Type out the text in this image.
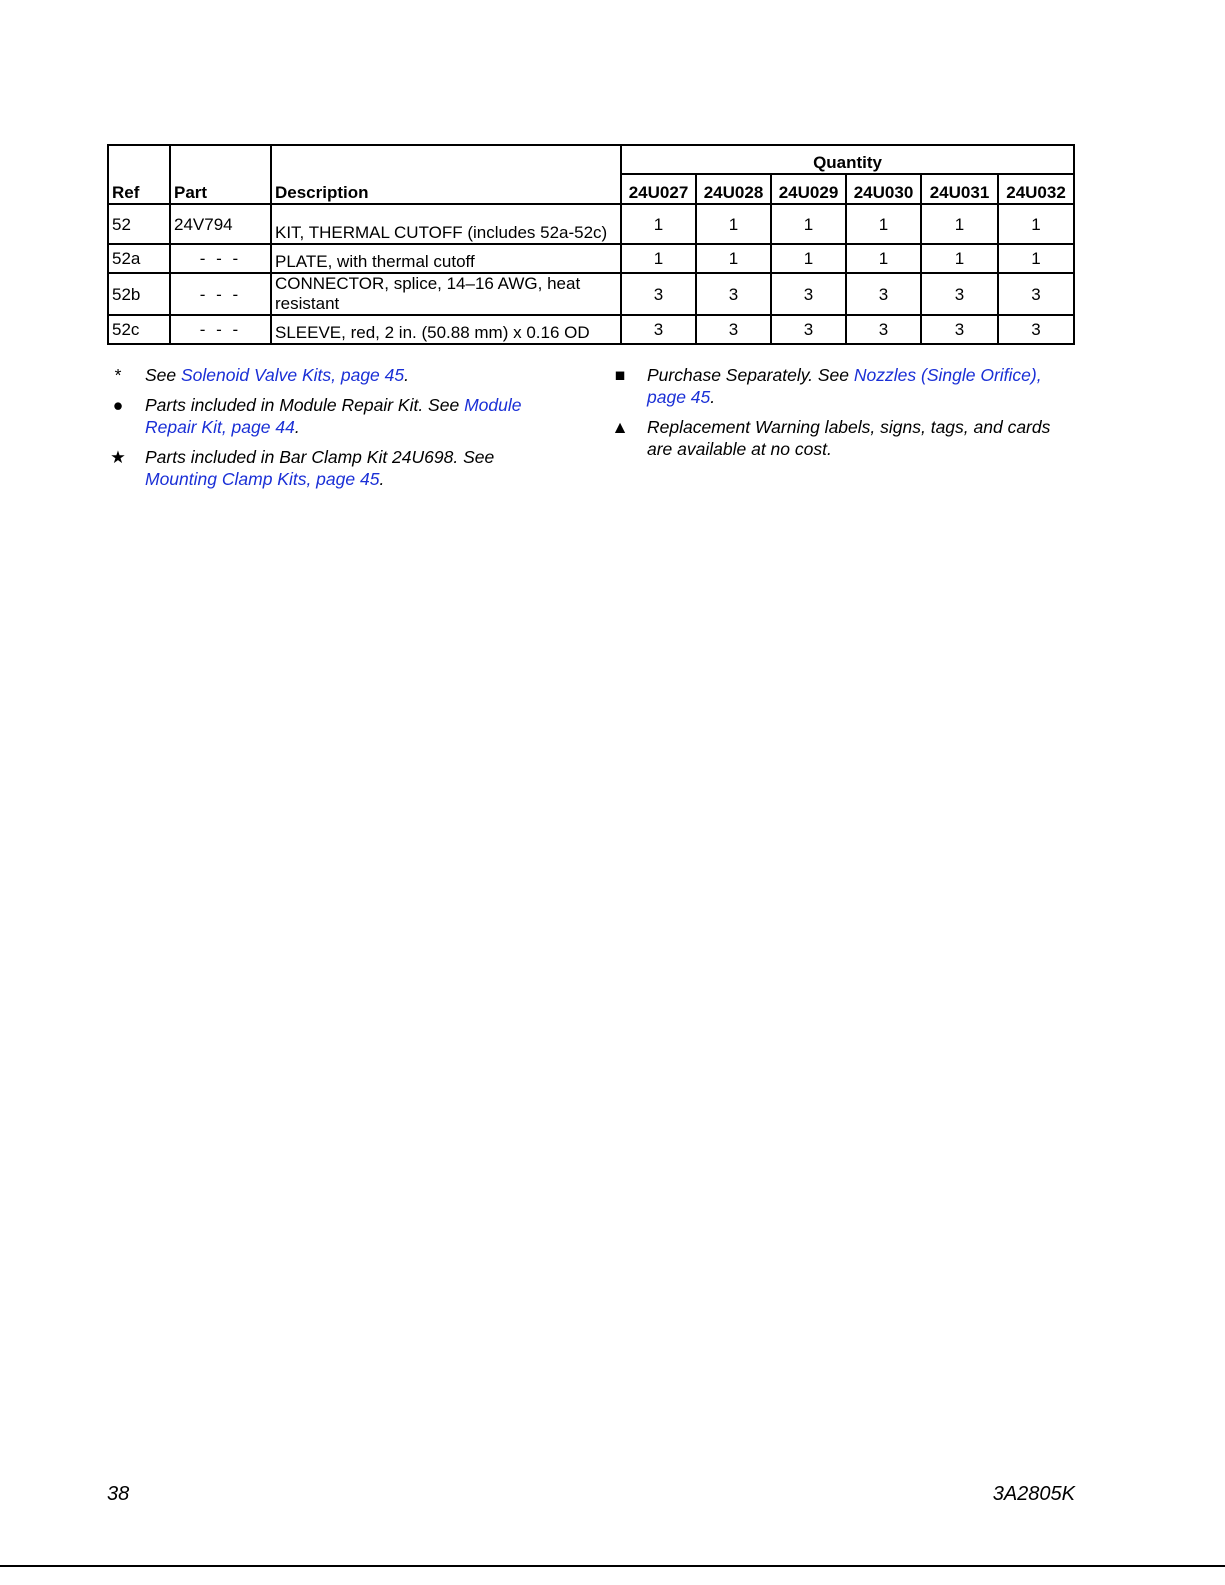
Ref	Part	Description	Quantity					
			24U027	24U028	24U029	24U030	24U031	24U032
52	24V794	KIT, THERMAL CUTOFF (includes 52a-52c)	1	1	1	1	1	1
52a	- - -	PLATE, with thermal cutoff	1	1	1	1	1	1
52b	- - -	CONNECTOR, splice, 14–16 AWG, heat resistant	3	3	3	3	3	3
52c	- - -	SLEEVE, red, 2 in. (50.88 mm) x 0.16 OD	3	3	3	3	3	3
*	See Solenoid Valve Kits, page 45.
● Parts included in Module Repair Kit. See Module Repair Kit, page 44.
★ Parts included in Bar Clamp Kit 24U698. See Mounting Clamp Kits, page 45.
■ Purchase Separately. See Nozzles (Single Orifice), page 45.
▲ Replacement Warning labels, signs, tags, and cards are available at no cost.
38	3A2805K
